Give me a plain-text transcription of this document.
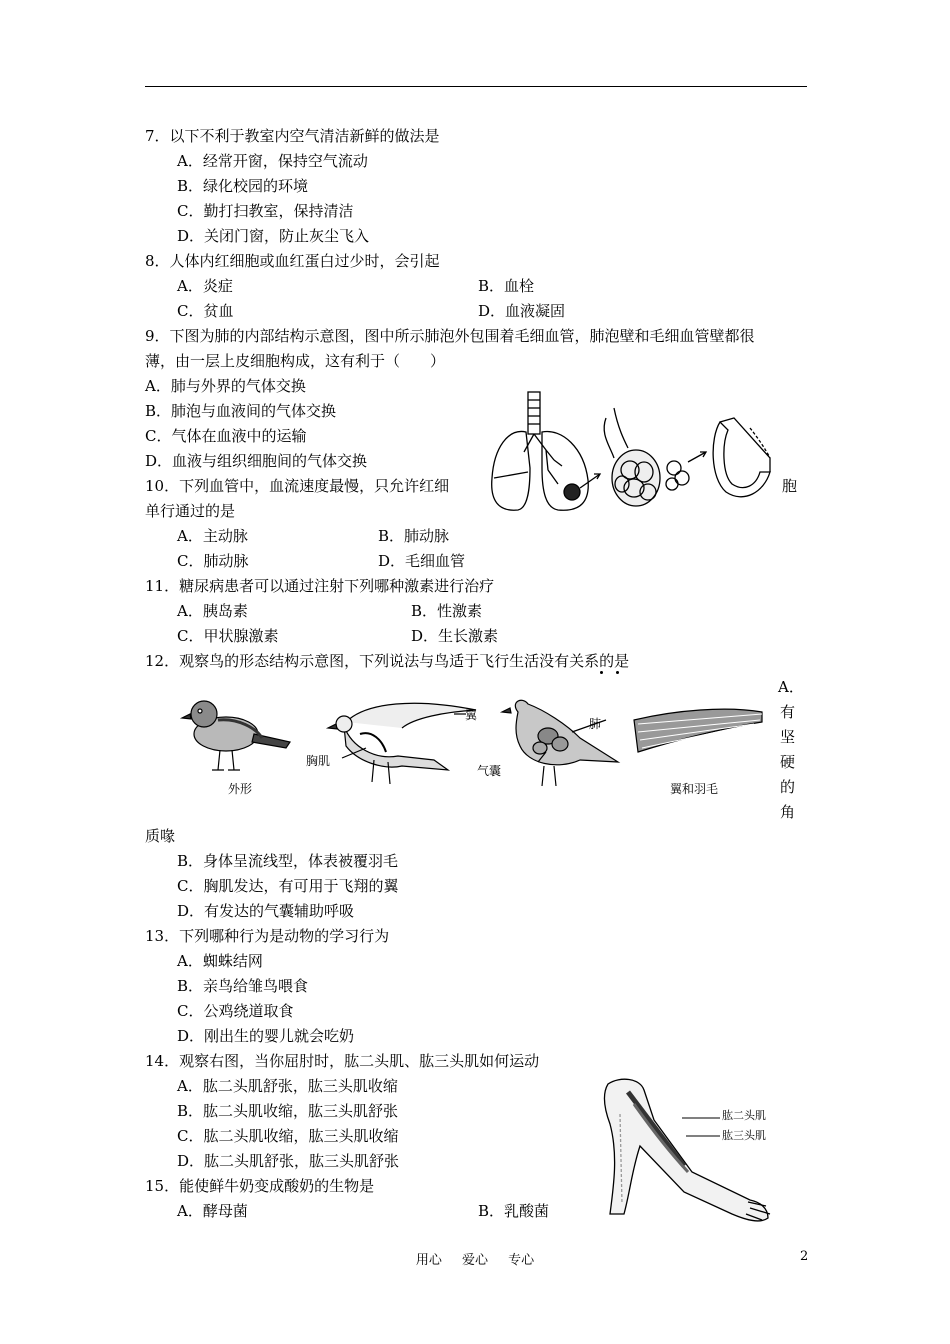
7．以下不利于教室内空气清洁新鲜的做法是
A．经常开窗，保持空气流动
B．绿化校园的环境
C．勤打扫教室，保持清洁
D．关闭门窗，防止灰尘飞入
8．人体内红细胞或血红蛋白过少时，会引起
A．炎症	B．血栓
C．贫血	D．血液凝固
9．下图为肺的内部结构示意图，图中所示肺泡外包围着毛细血管，肺泡壁和毛细血管壁都很
薄，由一层上皮细胞构成，这有利于（　　）
A．肺与外界的气体交换
B．肺泡与血液间的气体交换
C．气体在血液中的运输
D．血液与组织细胞间的气体交换
10．下列血管中，血流速度最慢，只允许红细	胞
单行通过的是
A．主动脉	B．肺动脉
C．肺动脉	D．毛细血管
11．糖尿病患者可以通过注射下列哪种激素进行治疗
A．胰岛素	B．性激素
C．甲状腺激素	D．生长激素
12．观察鸟的形态结构示意图，下列说法与鸟适于飞行生活没有关系的是
A．
有
坚
硬
的
角
外形
胸肌
翼
肺
气囊
翼和羽毛
质喙
B．身体呈流线型，体表被覆羽毛
C．胸肌发达，有可用于飞翔的翼
D．有发达的气囊辅助呼吸
13．下列哪种行为是动物的学习行为
A．蜘蛛结网
B．亲鸟给雏鸟喂食
C．公鸡绕道取食
D．刚出生的婴儿就会吃奶
14．观察右图，当你屈肘时，肱二头肌、肱三头肌如何运动
A．肱二头肌舒张，肱三头肌收缩
B．肱二头肌收缩，肱三头肌舒张
C．肱二头肌收缩，肱三头肌收缩
D．肱二头肌舒张，肱三头肌舒张
肱二头肌
肱三头肌
15．能使鲜牛奶变成酸奶的生物是
A．酵母菌	B．乳酸菌
用心 爱心 专心	2
